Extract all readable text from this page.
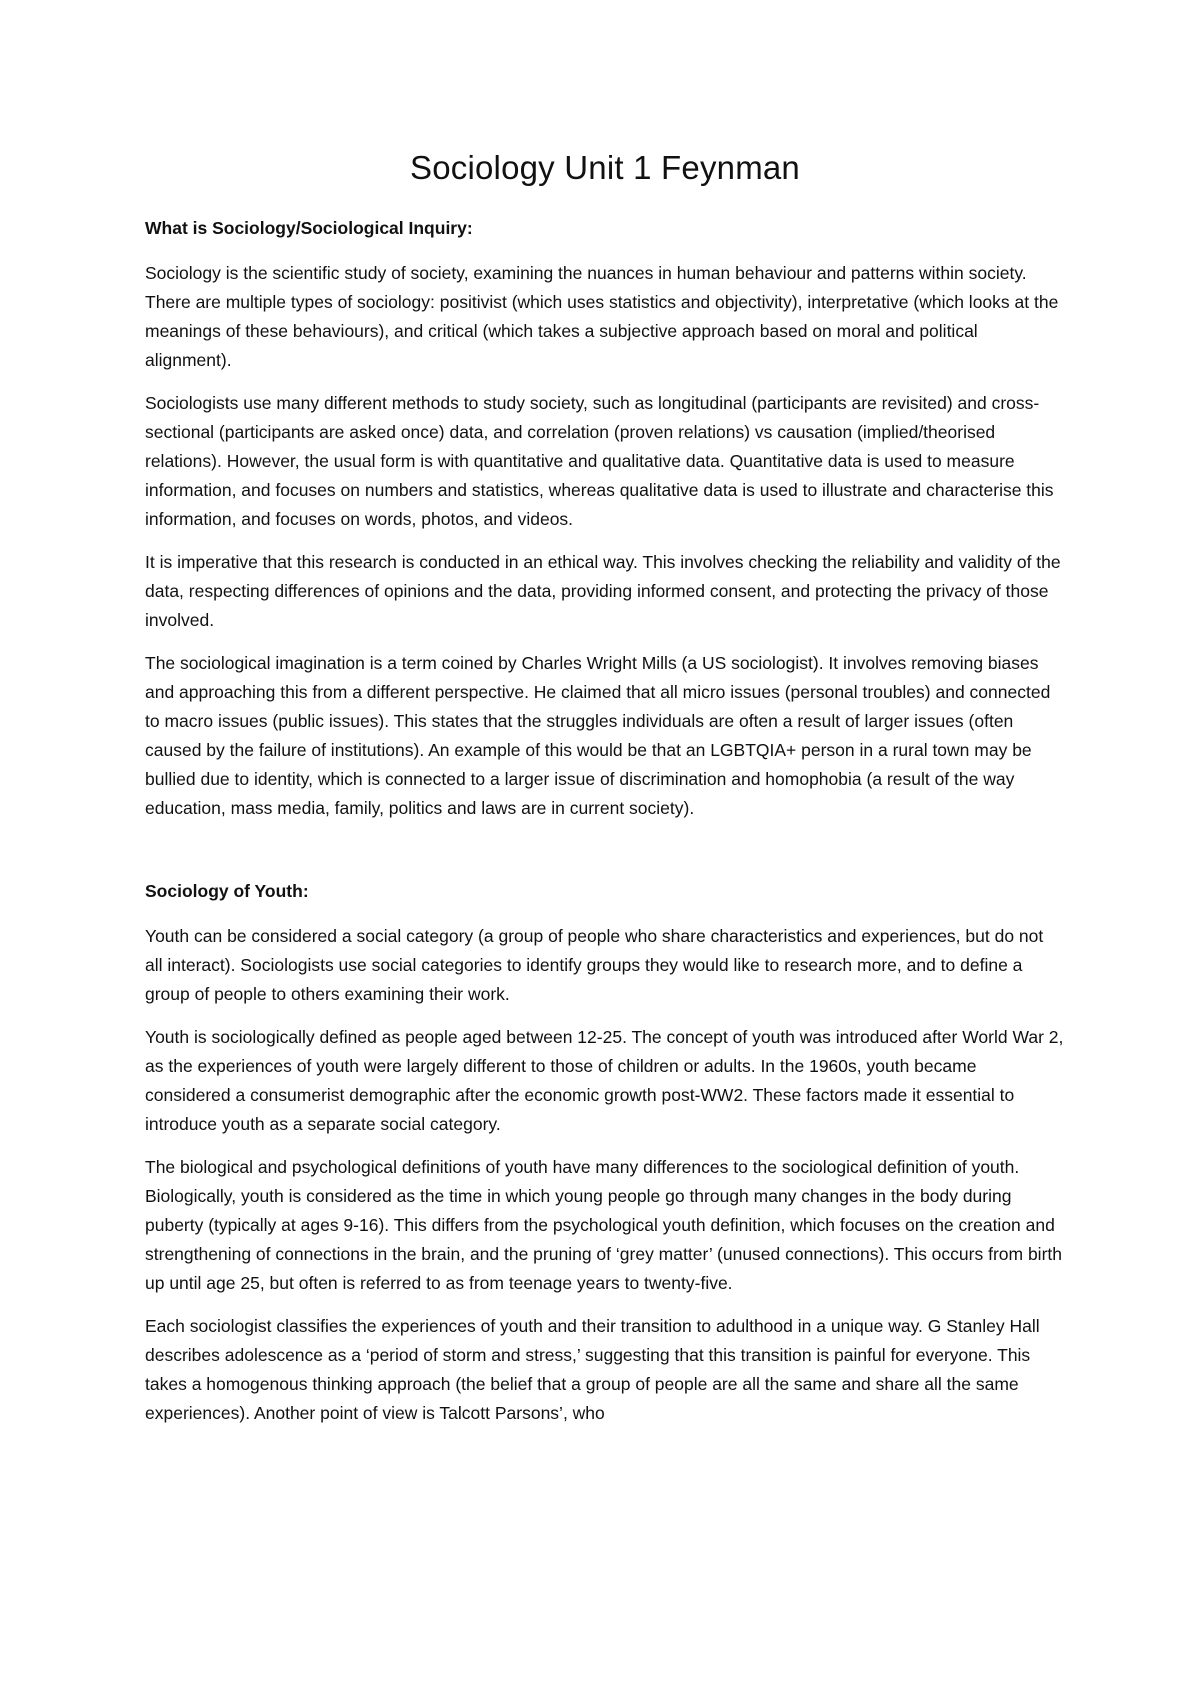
Sociology Unit 1 Feynman
What is Sociology/Sociological Inquiry:

Sociology is the scientific study of society, examining the nuances in human behaviour and patterns within society. There are multiple types of sociology: positivist (which uses statistics and objectivity), interpretative (which looks at the meanings of these behaviours), and critical (which takes a subjective approach based on moral and political alignment).

Sociologists use many different methods to study society, such as longitudinal (participants are revisited) and cross-sectional (participants are asked once) data, and correlation (proven relations) vs causation (implied/theorised relations). However, the usual form is with quantitative and qualitative data. Quantitative data is used to measure information, and focuses on numbers and statistics, whereas qualitative data is used to illustrate and characterise this information, and focuses on words, photos, and videos.

It is imperative that this research is conducted in an ethical way. This involves checking the reliability and validity of the data, respecting differences of opinions and the data, providing informed consent, and protecting the privacy of those involved.

The sociological imagination is a term coined by Charles Wright Mills (a US sociologist). It involves removing biases and approaching this from a different perspective. He claimed that all micro issues (personal troubles) and connected to macro issues (public issues). This states that the struggles individuals are often a result of larger issues (often caused by the failure of institutions). An example of this would be that an LGBTQIA+ person in a rural town may be bullied due to identity, which is connected to a larger issue of discrimination and homophobia (a result of the way education, mass media, family, politics and laws are in current society).

Sociology of Youth:

Youth can be considered a social category (a group of people who share characteristics and experiences, but do not all interact). Sociologists use social categories to identify groups they would like to research more, and to define a group of people to others examining their work.

Youth is sociologically defined as people aged between 12-25. The concept of youth was introduced after World War 2, as the experiences of youth were largely different to those of children or adults. In the 1960s, youth became considered a consumerist demographic after the economic growth post-WW2. These factors made it essential to introduce youth as a separate social category.

The biological and psychological definitions of youth have many differences to the sociological definition of youth. Biologically, youth is considered as the time in which young people go through many changes in the body during puberty (typically at ages 9-16). This differs from the psychological youth definition, which focuses on the creation and strengthening of connections in the brain, and the pruning of ‘grey matter’ (unused connections). This occurs from birth up until age 25, but often is referred to as from teenage years to twenty-five.

Each sociologist classifies the experiences of youth and their transition to adulthood in a unique way. G Stanley Hall describes adolescence as a ‘period of storm and stress,’ suggesting that this transition is painful for everyone. This takes a homogenous thinking approach (the belief that a group of people are all the same and share all the same experiences). Another point of view is Talcott Parsons’, who
